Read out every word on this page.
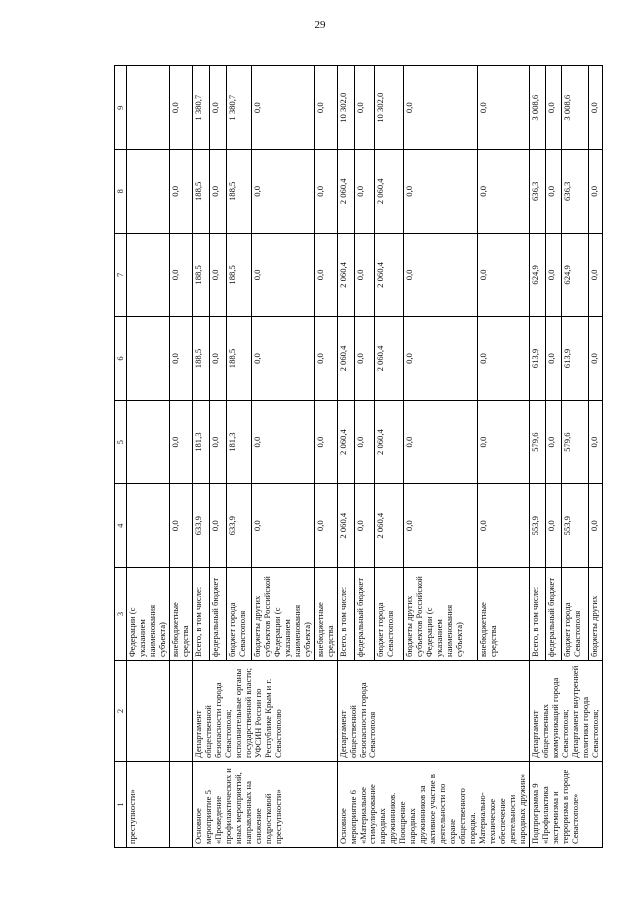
29
1	2	3	4	5	6	7	8	9
преступности»		Федерации (с указанием наименования субъекта)						
		внебюджетные средства	0,0	0,0	0,0	0,0	0,0	0,0
Основное мероприятие 5 «Проведение профилактических и иных мероприятий, направленных на снижение подростковой преступности»	Департамент общественной безопасности города Севастополя; исполнительные органы государственной власти; УФСИН России по Республике Крым и г. Севастополю	Всего, в том числе:	633,9	181,3	188,5	188,5	188,5	1 380,7
		федеральный бюджет	0,0	0,0	0,0	0,0	0,0	0,0
		бюджет города Севастополя	633,9	181,3	188,5	188,5	188,5	1 380,7
		бюджеты других субъектов Российской Федерации (с указанием наименования субъекта)	0,0	0,0	0,0	0,0	0,0	0,0
		внебюджетные средства	0,0	0,0	0,0	0,0	0,0	0,0
Основное мероприятие 6 «Материальное стимулирование народных дружинников. Поощрение народных дружинников за активное участие в деятельности по охране общественного порядка. Материально-техническое обеспечение деятельности народных дружин»	Департамент общественной безопасности города Севастополя	Всего, в том числе:	2 060,4	2 060,4	2 060,4	2 060,4	2 060,4	10 302,0
		федеральный бюджет	0,0	0,0	0,0	0,0	0,0	0,0
		бюджет города Севастополя	2 060,4	2 060,4	2 060,4	2 060,4	2 060,4	10 302,0
		бюджеты других субъектов Российской Федерации (с указанием наименования субъекта)	0,0	0,0	0,0	0,0	0,0	0,0
		внебюджетные средства	0,0	0,0	0,0	0,0	0,0	0,0
Подпрограмма 9 «Профилактика экстремизма и терроризма в городе Севастополе»	Департамент общественных коммуникаций города Севастополя; Департамент внутренней политики города Севастополя;	Всего, в том числе:	553,9	579,6	613,9	624,9	636,3	3 008,6
		федеральный бюджет	0,0	0,0	0,0	0,0	0,0	0,0
		бюджет города Севастополя	553,9	579,6	613,9	624,9	636,3	3 008,6
		бюджеты других	0,0	0,0	0,0	0,0	0,0	0,0
